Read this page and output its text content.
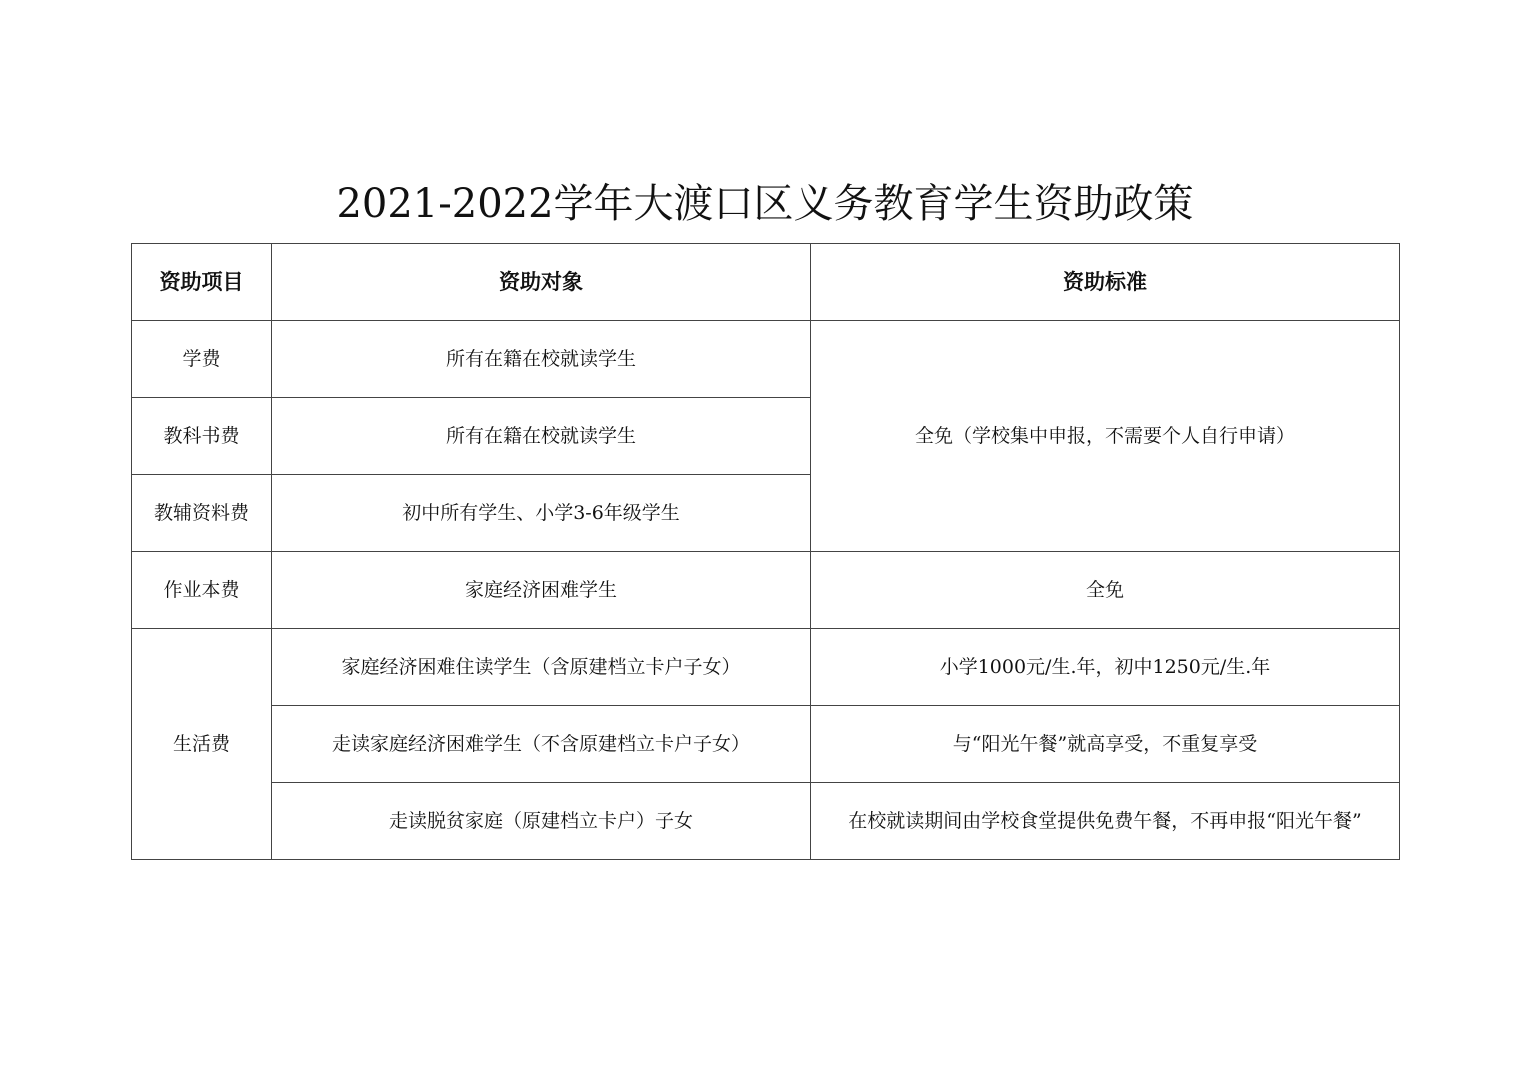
2021-2022学年大渡口区义务教育学生资助政策
资助项目	资助对象	资助标准
学费	所有在籍在校就读学生	全免（学校集中申报，不需要个人自行申请）
教科书费	所有在籍在校就读学生	
教辅资料费	初中所有学生、小学3-6年级学生	
作业本费	家庭经济困难学生	全免
生活费	家庭经济困难住读学生（含原建档立卡户子女）	小学1000元/生.年，初中1250元/生.年
	走读家庭经济困难学生（不含原建档立卡户子女）	与“阳光午餐”就高享受，不重复享受
	走读脱贫家庭（原建档立卡户）子女	在校就读期间由学校食堂提供免费午餐，不再申报“阳光午餐”
